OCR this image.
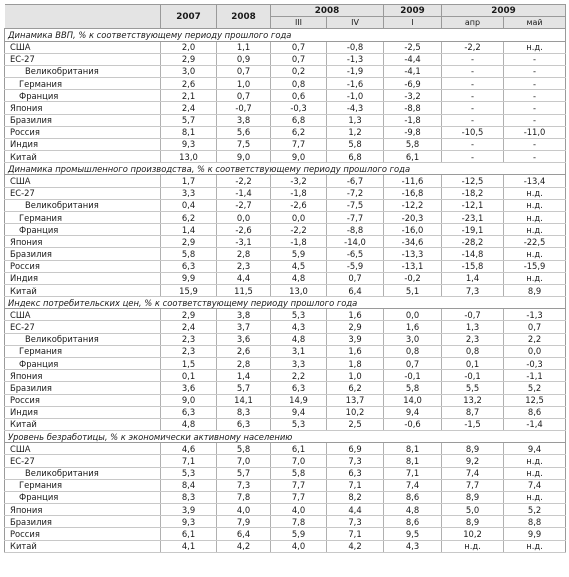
	2007	2008	2008		2009	2009	
			III	IV	I	апр	май
Динамика ВВП, % к соответствующему периоду прошлого года							
США	2,0	1,1	0,7	-0,8	-2,5	-2,2	н.д.
ЕС-27	2,9	0,9	0,7	-1,3	-4,4	-	-
Великобритания	3,0	0,7	0,2	-1,9	-4,1	-	-
Германия	2,6	1,0	0,8	-1,6	-6,9	-	-
Франция	2,1	0,7	0,6	-1,0	-3,2	-	-
Япония	2,4	-0,7	-0,3	-4,3	-8,8	-	-
Бразилия	5,7	3,8	6,8	1,3	-1,8	-	-
Россия	8,1	5,6	6,2	1,2	-9,8	-10,5	-11,0
Индия	9,3	7,5	7,7	5,8	5,8	-	-
Китай	13,0	9,0	9,0	6,8	6,1	-	-
Динамика промышленного производства, % к соответствующему периоду прошлого года							
США	1,7	-2,2	-3,2	-6,7	-11,6	-12,5	-13,4
ЕС-27	3,3	-1,4	-1,8	-7,2	-16,8	-18,2	н.д.
Великобритания	0,4	-2,7	-2,6	-7,5	-12,2	-12,1	н.д.
Германия	6,2	0,0	0,0	-7,7	-20,3	-23,1	н.д.
Франция	1,4	-2,6	-2,2	-8,8	-16,0	-19,1	н.д.
Япония	2,9	-3,1	-1,8	-14,0	-34,6	-28,2	-22,5
Бразилия	5,8	2,8	5,9	-6,5	-13,3	-14,8	н.д.
Россия	6,3	2,3	4,5	-5,9	-13,1	-15,8	-15,9
Индия	9,9	4,4	4,8	0,7	-0,2	1,4	н.д.
Китай	15,9	11,5	13,0	6,4	5,1	7,3	8,9
Индекс потребительских цен, % к соответствующему периоду прошлого года							
США	2,9	3,8	5,3	1,6	0,0	-0,7	-1,3
ЕС-27	2,4	3,7	4,3	2,9	1,6	1,3	0,7
Великобритания	2,3	3,6	4,8	3,9	3,0	2,3	2,2
Германия	2,3	2,6	3,1	1,6	0,8	0,8	0,0
Франция	1,5	2,8	3,3	1,8	0,7	0,1	-0,3
Япония	0,1	1,4	2,2	1,0	-0,1	-0,1	-1,1
Бразилия	3,6	5,7	6,3	6,2	5,8	5,5	5,2
Россия	9,0	14,1	14,9	13,7	14,0	13,2	12,5
Индия	6,3	8,3	9,4	10,2	9,4	8,7	8,6
Китай	4,8	6,3	5,3	2,5	-0,6	-1,5	-1,4
Уровень безработицы, % к экономически активному населению							
США	4,6	5,8	6,1	6,9	8,1	8,9	9,4
ЕС-27	7,1	7,0	7,0	7,3	8,1	9,2	н.д.
Великобритания	5,3	5,7	5,8	6,3	7,1	7,4	н.д.
Германия	8,4	7,3	7,7	7,1	7,4	7,7	7,4
Франция	8,3	7,8	7,7	8,2	8,6	8,9	н.д.
Япония	3,9	4,0	4,0	4,4	4,8	5,0	5,2
Бразилия	9,3	7,9	7,8	7,3	8,6	8,9	8,8
Россия	6,1	6,4	5,9	7,1	9,5	10,2	9,9
Китай	4,1	4,2	4,0	4,2	4,3	н.д.	н.д.
